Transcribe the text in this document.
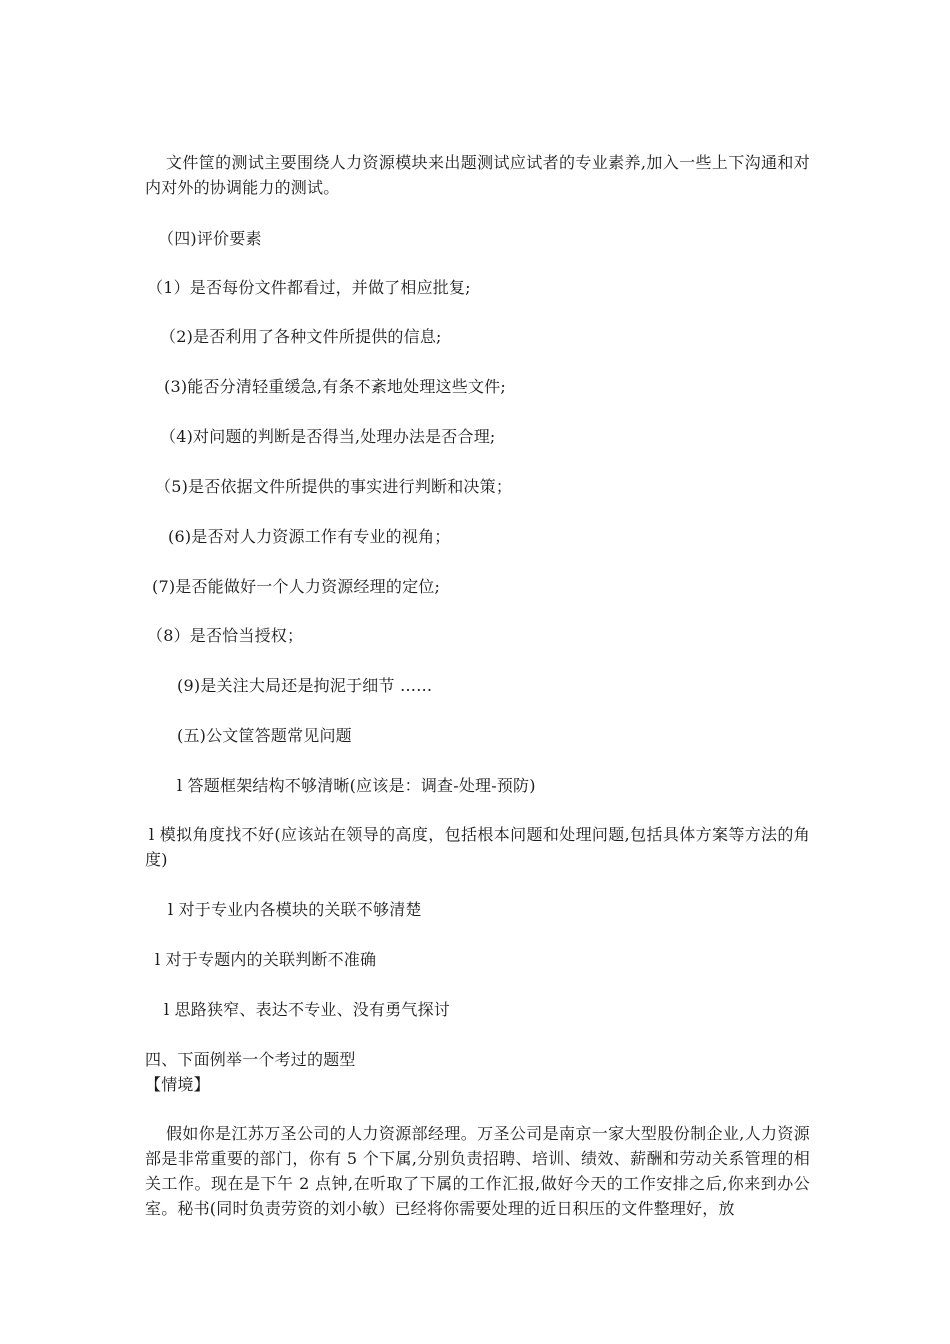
文件筐的测试主要围绕人力资源模块来出题测试应试者的专业素养,加入一些上下沟通和对内对外的协调能力的测试。
（四)评价要素
（1）是否每份文件都看过，并做了相应批复;
（2)是否利用了各种文件所提供的信息;
(3)能否分清轻重缓急,有条不紊地处理这些文件;
（4)对问题的判断是否得当,处理办法是否合理;
（5)是否依据文件所提供的事实进行判断和决策；
(6)是否对人力资源工作有专业的视角；
(7)是否能做好一个人力资源经理的定位;
（8）是否恰当授权；
(9)是关注大局还是拘泥于细节 ……
(五)公文筐答题常见问题
l 答题框架结构不够清晰(应该是：调查-处理-预防)
l 模拟角度找不好(应该站在领导的高度，包括根本问题和处理问题,包括具体方案等方法的角度)
l 对于专业内各模块的关联不够清楚
l 对于专题内的关联判断不准确
l 思路狭窄、表达不专业、没有勇气探讨
四、下面例举一个考过的题型
【情境】
假如你是江苏万圣公司的人力资源部经理。万圣公司是南京一家大型股份制企业,人力资源部是非常重要的部门，你有 5 个下属,分别负责招聘、培训、绩效、薪酬和劳动关系管理的相关工作。现在是下午 2 点钟,在听取了下属的工作汇报,做好今天的工作安排之后,你来到办公室。秘书(同时负责劳资的刘小敏）已经将你需要处理的近日积压的文件整理好，放
